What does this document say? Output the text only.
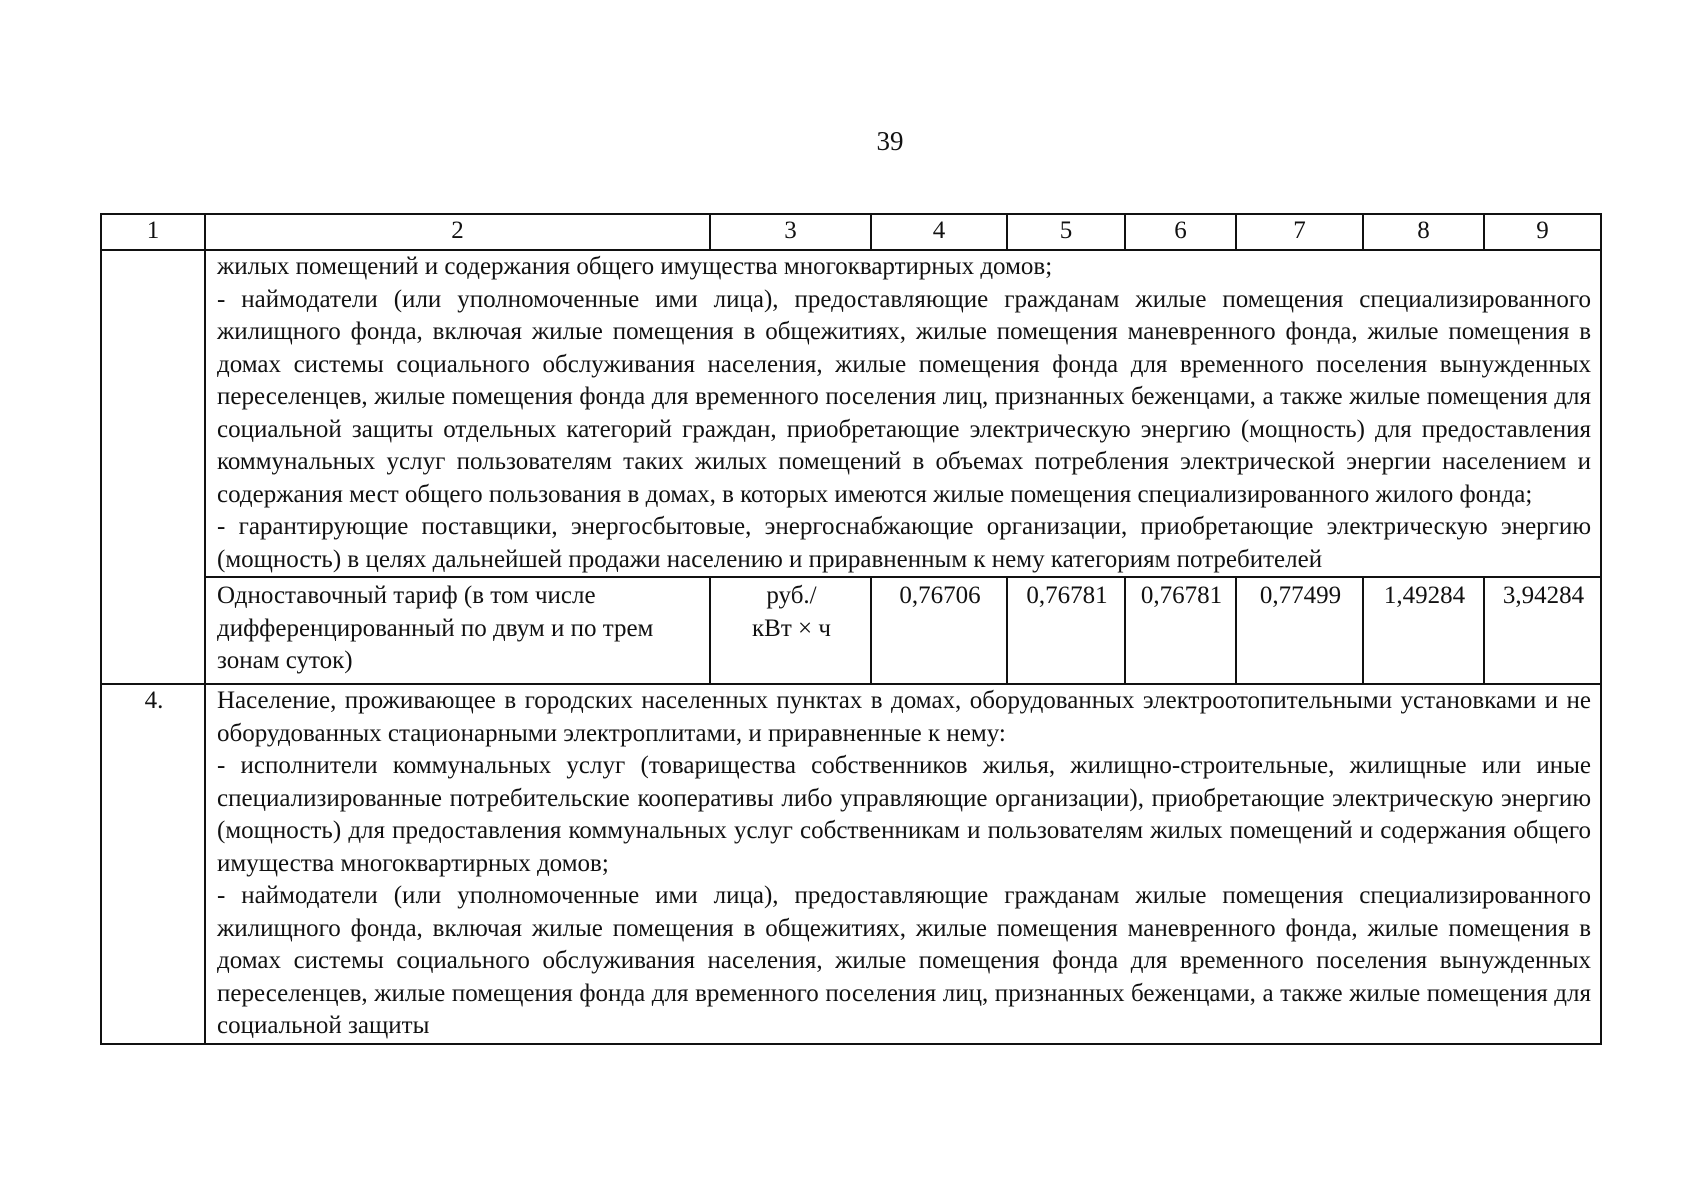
39
1	2	3	4	5	6	7	8	9

	жилых помещений и содержания общего имущества многоквартирных домов;

- наймодатели (или уполномоченные ими лица), предоставляющие гражданам жилые помещения специализированного жилищного фонда, включая жилые помещения в общежитиях, жилые помещения маневренного фонда, жилые помещения в домах системы социального обслуживания населения, жилые помещения фонда для временного поселения вынужденных переселенцев, жилые помещения фонда для временного поселения лиц, признанных беженцами, а также жилые помещения для социальной защиты отдельных категорий граждан, приобретающие электрическую энергию (мощность) для предоставления коммунальных услуг пользователям таких жилых помещений в объемах потребления электрической энергии населением и содержания мест общего пользования в домах, в которых имеются жилые помещения специализированного жилого фонда;

- гарантирующие поставщики, энергосбытовые, энергоснабжающие организации, приобретающие электрическую энергию (мощность) в целях дальнейшей продажи населению и приравненным к нему категориям потребителей							

	Одноставочный тариф (в том числе дифференцированный по двум и по трем зонам суток)	руб./
кВт × ч	0,76706	0,76781	0,76781	0,77499	1,49284	3,94284
4.	Население, проживающее в городских населенных пунктах в домах, оборудованных электроотопительными установками и не оборудованных стационарными электроплитами, и приравненные к нему:

- исполнители коммунальных услуг (товарищества собственников жилья, жилищно-строительные, жилищные или иные специализированные потребительские кооперативы либо управляющие организации), приобретающие электрическую энергию (мощность) для предоставления коммунальных услуг собственникам и пользователям жилых помещений и содержания общего имущества многоквартирных домов;

- наймодатели (или уполномоченные ими лица), предоставляющие гражданам жилые помещения специализированного жилищного фонда, включая жилые помещения в общежитиях, жилые помещения маневренного фонда, жилые помещения в домах системы социального обслуживания населения, жилые помещения фонда для временного поселения вынужденных переселенцев, жилые помещения фонда для временного поселения лиц, признанных беженцами, а также жилые помещения для социальной защиты							
